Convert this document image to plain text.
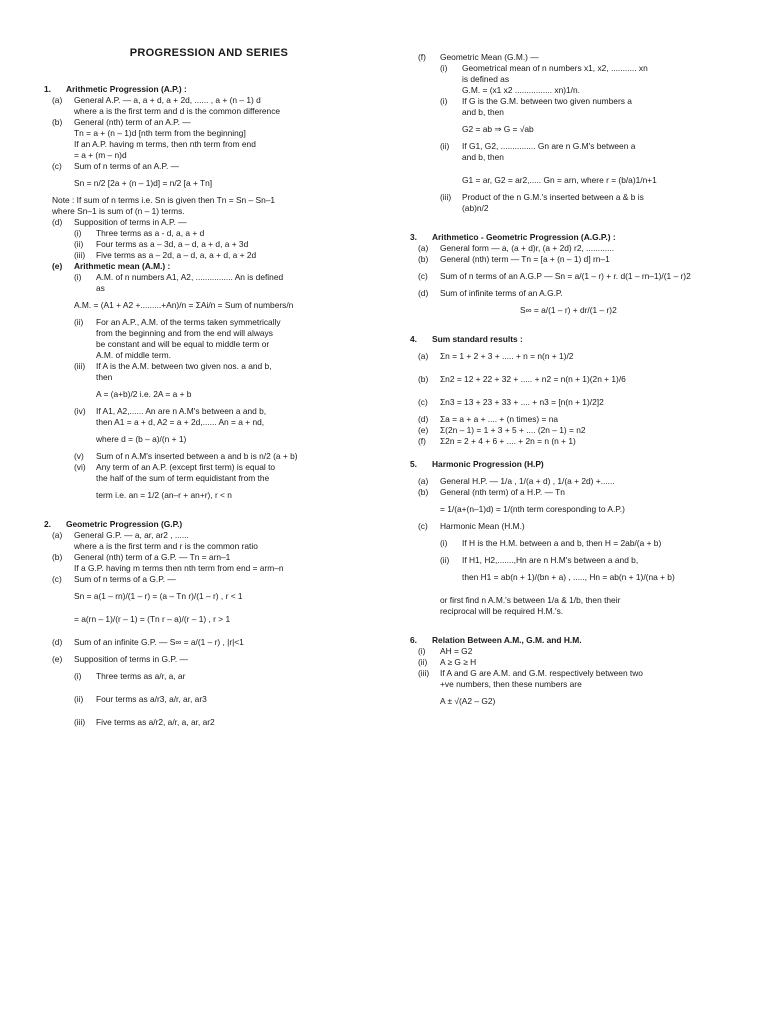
PROGRESSION AND SERIES
1. Arithmetic Progression (A.P.) :
(a) General A.P. — a, a + d, a + 2d, ...... , a + (n – 1) d
where a is the first term and d is the common difference
(b) General (nth) term of an A.P. —
Tn = a + (n – 1)d [nth term from the beginning]
If an A.P. having m terms, then nth term from end
= a + (m – n)d
(c) Sum of n terms of an A.P. —
Sn = n/2 [2a + (n – 1)d] = n/2 [a + Tn]
Note : If sum of n terms i.e. Sn is given then Tn = Sn – Sn–1
where Sn–1 is sum of (n – 1) terms.
(d) Supposition of terms in A.P. —
(i) Three terms as a - d, a, a + d
(ii) Four terms as a – 3d, a – d, a + d, a + 3d
(iii) Five terms as a – 2d, a – d, a, a + d, a + 2d
(e) Arithmetic mean (A.M.) :
(i) A.M. of n numbers A1, A2, ................ An is defined
as
A.M. = (A1 + A2 +.........+An)/n = ΣAi/n = Sum of numbers/n
(ii) For an A.P., A.M. of the terms taken symmetrically
from the beginning and from the end will always
be constant and will be equal to middle term or
A.M. of middle term.
(iii) If A is the A.M. between two given nos. a and b,
then
A = (a+b)/2 i.e. 2A = a + b
(iv) If A1, A2,...... An are n A.M's between a and b,
then A1 = a + d, A2 = a + 2d,...... An = a + nd,
where d = (b – a)/(n + 1)
(v) Sum of n A.M's inserted between a and b is n/2 (a + b)
(vi) Any term of an A.P. (except first term) is equal to
the half of the sum of term equidistant from the
term i.e. an = 1/2 (an–r + an+r), r < n
2. Geometric Progression (G.P.)
(a) General G.P. — a, ar, ar2 , ......
where a is the first term and r is the common ratio
(b) General (nth) term of a G.P. — Tn = arn–1
If a G.P. having m terms then nth term from end = arm–n
(c) Sum of n terms of a G.P. —
Sn = a(1 – rn)/(1 – r) = (a – Tn r)/(1 – r) , r < 1
= a(rn – 1)/(r – 1) = (Tn r – a)/(r – 1) , r > 1
(d) Sum of an infinite G.P. — S∞ = a/(1 – r) , |r|<1
(e) Supposition of terms in G.P. —
(i) Three terms as a/r, a, ar
(ii) Four terms as a/r3, a/r, ar, ar3
(iii) Five terms as a/r2, a/r, a, ar, ar2
(f) Geometric Mean (G.M.) —
(i) Geometrical mean of n numbers x1, x2, ........... xn
is defined as
G.M. = (x1 x2 ................ xn)1/n.
(i) If G is the G.M. between two given numbers a
and b, then
G2 = ab ⇒ G = √ab
(ii) If G1, G2, ............... Gn are n G.M's between a
and b, then
G1 = ar, G2 = ar2,..... Gn = arn, where r = (b/a)1/n+1
(iii) Product of the n G.M.'s inserted between a & b is
(ab)n/2
3. Arithmetico - Geometric Progression (A.G.P.) :
(a) General form — a, (a + d)r, (a + 2d) r2, ............
(b) General (nth) term — Tn = [a + (n – 1) d] rn–1
(c) Sum of n terms of an A.G.P — Sn = a/(1 – r) + r. d(1 – rn–1)/(1 – r)2
(d) Sum of infinite terms of an A.G.P.
S∞ = a/(1 – r) + dr/(1 – r)2
4. Sum standard results :
(a) Σn = 1 + 2 + 3 + ..... + n = n(n + 1)/2
(b) Σn2 = 12 + 22 + 32 + ..... + n2 = n(n + 1)(2n + 1)/6
(c) Σn3 = 13 + 23 + 33 + .... + n3 = [n(n + 1)/2]2
(d) Σa = a + a + .... + (n times) = na
(e) Σ(2n – 1) = 1 + 3 + 5 + .... (2n – 1) = n2
(f) Σ2n = 2 + 4 + 6 + .... + 2n = n (n + 1)
5. Harmonic Progression (H.P)
(a) General H.P. — 1/a , 1/(a + d) , 1/(a + 2d) +......
(b) General (nth term) of a H.P. — Tn
= 1/(a+(n–1)d) = 1/(nth term coresponding to A.P.)
(c) Harmonic Mean (H.M.)
(i) If H is the H.M. between a and b, then H = 2ab/(a + b)
(ii) If H1, H2,.......,Hn are n H.M's between a and b,
then H1 = ab(n + 1)/(bn + a) , ....., Hn = ab(n + 1)/(na + b)
or first find n A.M.'s between 1/a & 1/b, then their
reciprocal will be required H.M.'s.
6. Relation Between A.M., G.M. and H.M.
(i) AH = G2
(ii) A ≥ G ≥ H
(iii) If A and G are A.M. and G.M. respectively between two
+ve numbers, then these numbers are
A ± √(A2 – G2)
